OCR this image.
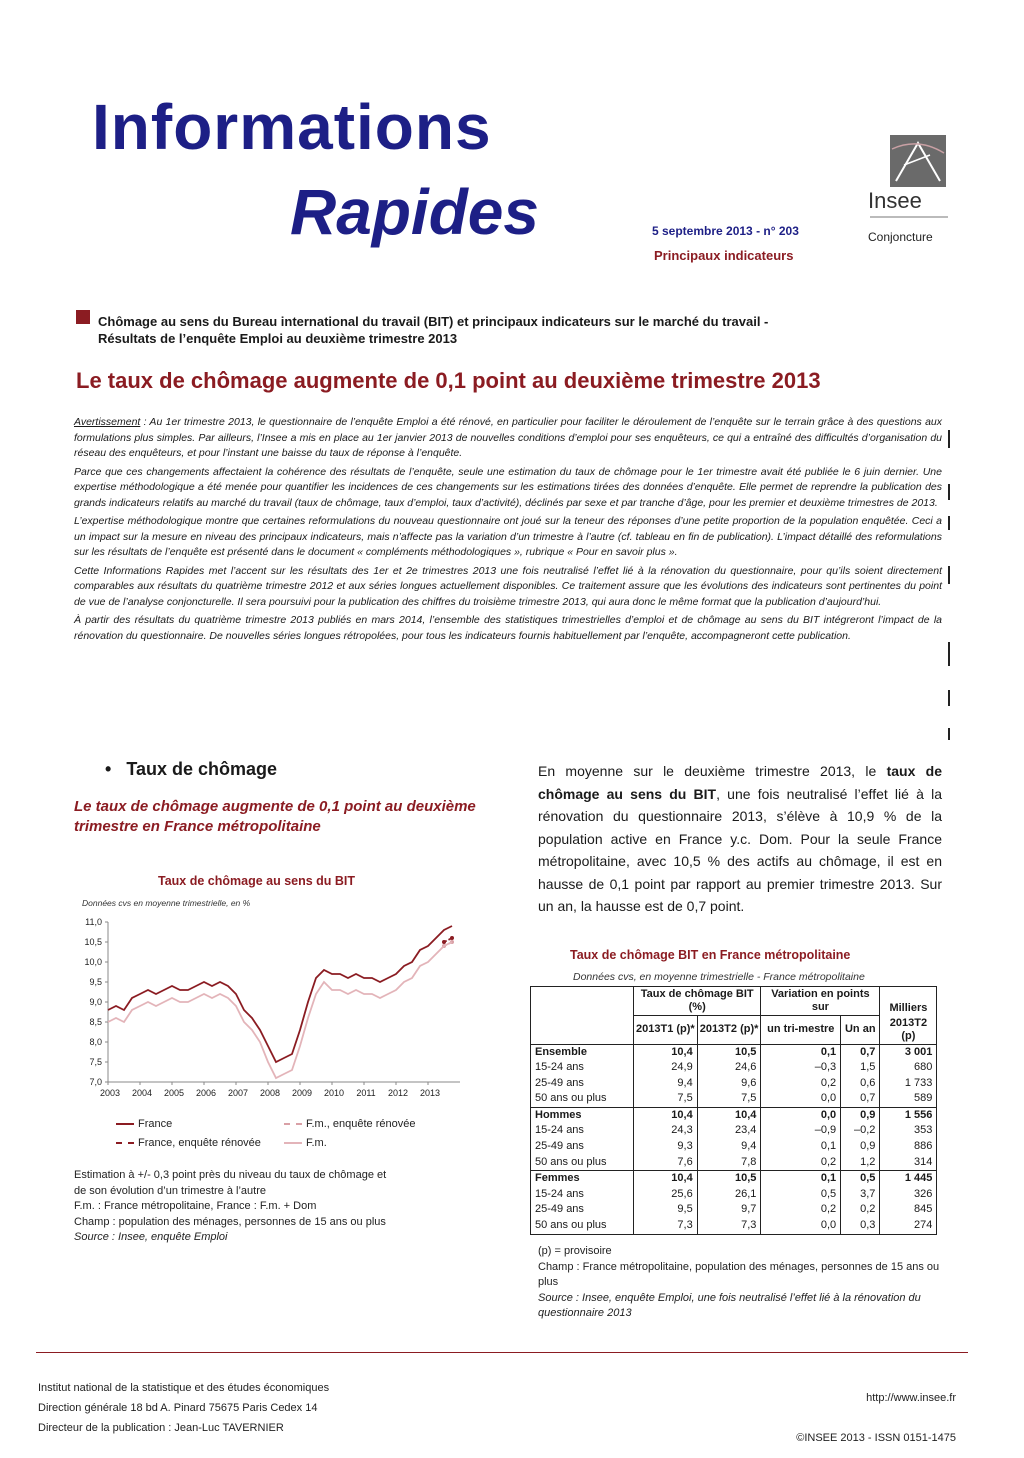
Informations
Rapides	5 septembre 2013 - n° 203
Principaux indicateurs
Insee
Conjoncture
Chômage au sens du Bureau international du travail (BIT) et principaux indicateurs sur le marché du travail -
Résultats de l’enquête Emploi au deuxième trimestre 2013
Le taux de chômage augmente de 0,1 point au deuxième trimestre 2013

Avertissement : Au 1er trimestre 2013, le questionnaire de l’enquête Emploi a été rénové, en particulier pour faciliter le déroulement de l’enquête sur le terrain grâce à des questions aux formulations plus simples. Par ailleurs, l’Insee a mis en place au 1er janvier 2013 de nouvelles conditions d’emploi pour ses enquêteurs, ce qui a entraîné des difficultés d’organisation du réseau des enquêteurs, et pour l’instant une baisse du taux de réponse à l’enquête.

Parce que ces changements affectaient la cohérence des résultats de l’enquête, seule une estimation du taux de chômage pour le 1er trimestre avait été publiée le 6 juin dernier. Une expertise méthodologique a été menée pour quantifier les incidences de ces changements sur les estimations tirées des données d’enquête. Elle permet de reprendre la publication des grands indicateurs relatifs au marché du travail (taux de chômage, taux d’emploi, taux d’activité), déclinés par sexe et par tranche d’âge, pour les premier et deuxième trimestres de 2013.

L’expertise méthodologique montre que certaines reformulations du nouveau questionnaire ont joué sur la teneur des réponses d’une petite proportion de la population enquêtée. Ceci a un impact sur la mesure en niveau des principaux indicateurs, mais n’affecte pas la variation d’un trimestre à l’autre (cf. tableau en fin de publication). L’impact détaillé des reformulations sur les résultats de l’enquête est présenté dans le document « compléments méthodologiques », rubrique « Pour en savoir plus ».

Cette Informations Rapides met l’accent sur les résultats des 1er et 2e trimestres 2013 une fois neutralisé l’effet lié à la rénovation du questionnaire, pour qu’ils soient directement comparables aux résultats du quatrième trimestre 2012 et aux séries longues actuellement disponibles. Ce traitement assure que les évolutions des indicateurs sont pertinentes du point de vue de l’analyse conjoncturelle. Il sera poursuivi pour la publication des chiffres du troisième trimestre 2013, qui aura donc le même format que la publication d’aujourd’hui.

À partir des résultats du quatrième trimestre 2013 publiés en mars 2014, l’ensemble des statistiques trimestrielles d’emploi et de chômage au sens du BIT intégreront l’impact de la rénovation du questionnaire. De nouvelles séries longues rétropolées, pour tous les indicateurs fournis habituellement par l’enquête, accompagneront cette publication.

•   Taux de chômage
Le taux de chômage augmente de 0,1 point au deuxième trimestre en France métropolitaine
Taux de chômage au sens du BIT
Données cvs en moyenne trimestrielle, en %
11,0
10,5
10,0
9,5
9,0
8,5
8,0
7,5
7,0
2003 2004 2005 2006 2007 2008 2009 2010 2011 2012 2013
France	F.m., enquête rénovée
France, enquête rénovée	F.m.
Estimation à +/- 0,3 point près du niveau du taux de chômage et
de son évolution d’un trimestre à l’autre
F.m. : France métropolitaine, France : F.m. + Dom
Champ : population des ménages, personnes de 15 ans ou plus
Source : Insee, enquête Emploi
En moyenne sur le deuxième trimestre 2013, le taux de chômage au sens du BIT, une fois neutralisé l’effet lié à la rénovation du questionnaire 2013, s’élève à 10,9 % de la population active en France y.c. Dom. Pour la seule France métropolitaine, avec 10,5 % des actifs au chômage, il est en hausse de 0,1 point par rapport au premier trimestre 2013. Sur un an, la hausse est de 0,7 point.
Taux de chômage BIT en France métropolitaine
Données cvs, en moyenne trimestrielle - France métropolitaine
	Taux de chômage BIT (%)		Variation en points sur		Milliers
	2013T1 (p)*	2013T2 (p)*	un tri-mestre	Un an	2013T2 (p)
Ensemble	10,4	10,5	0,1	0,7	3 001
15-24 ans	24,9	24,6	–0,3	1,5	680
25-49 ans	9,4	9,6	0,2	0,6	1 733
50 ans ou plus	7,5	7,5	0,0	0,7	589
Hommes	10,4	10,4	0,0	0,9	1 556
15-24 ans	24,3	23,4	–0,9	–0,2	353
25-49 ans	9,3	9,4	0,1	0,9	886
50 ans ou plus	7,6	7,8	0,2	1,2	314
Femmes	10,4	10,5	0,1	0,5	1 445
15-24 ans	25,6	26,1	0,5	3,7	326
25-49 ans	9,5	9,7	0,2	0,2	845
50 ans ou plus	7,3	7,3	0,0	0,3	274
(p) = provisoire
Champ : France métropolitaine, population des ménages, personnes de 15 ans ou plus
Source : Insee, enquête Emploi, une fois neutralisé l’effet lié à la rénovation du questionnaire 2013
Institut national de la statistique et des études économiques
Direction générale 18 bd A. Pinard 75675 Paris Cedex 14
Directeur de la publication : Jean-Luc TAVERNIER
http://www.insee.fr
©INSEE 2013 - ISSN 0151-1475
